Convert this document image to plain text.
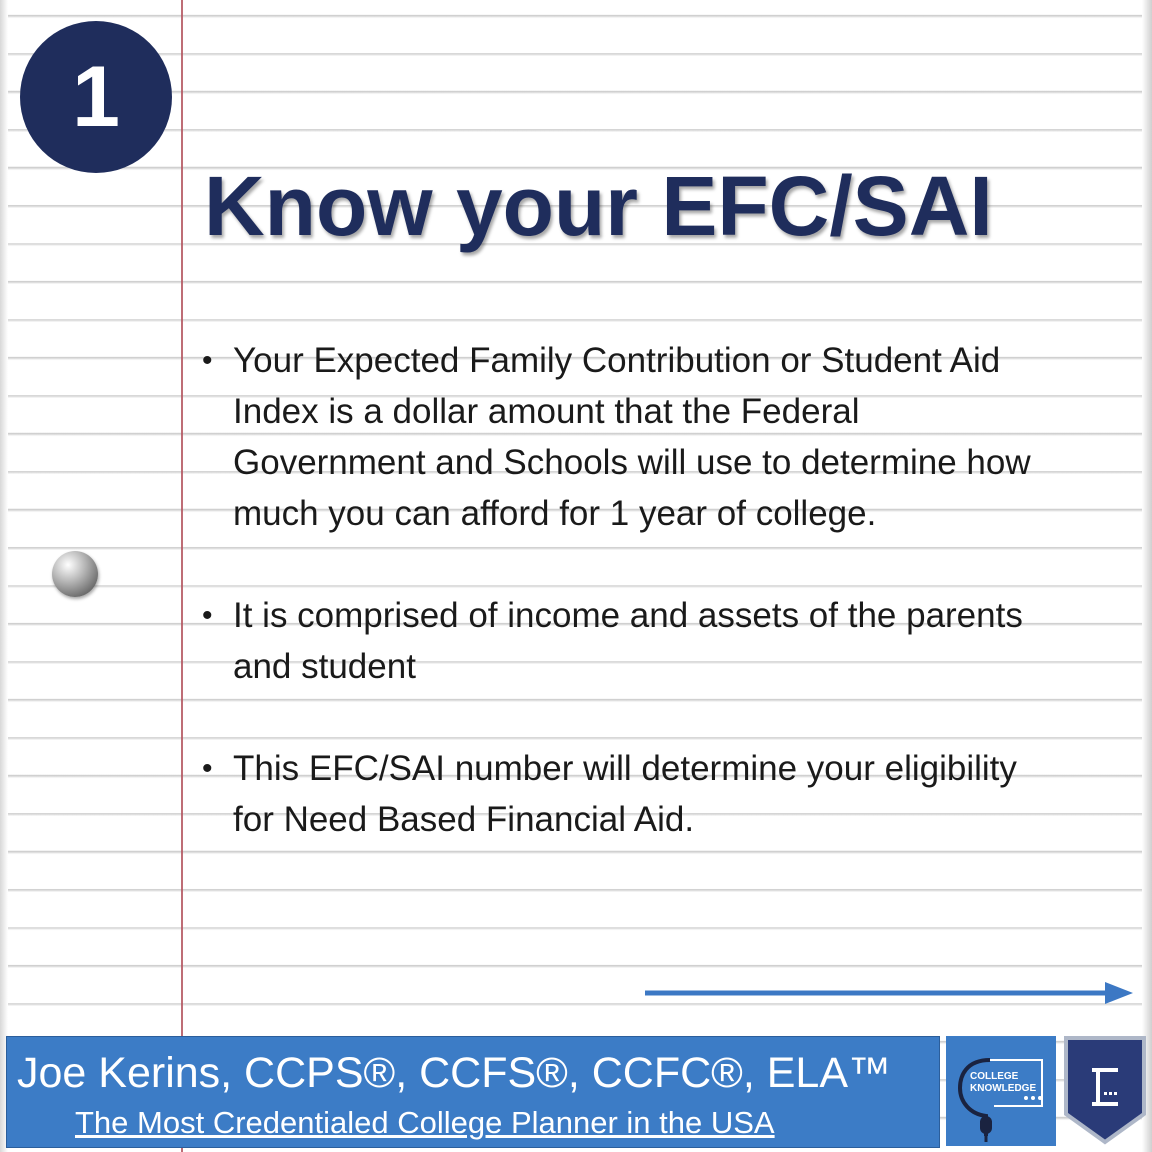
1
Know your EFC/SAI
• Your Expected Family Contribution or Student Aid Index is a dollar amount that the Federal Government and Schools will use to determine how much you can afford for 1 year of college.
• It is comprised of income and assets of the parents and student
• This EFC/SAI number will determine your eligibility for Need Based Financial Aid.
Joe Kerins, CCPS®, CCFS®, CCFC®, ELA™
The Most Credentialed College Planner in the USA
COLLEGE
KNOWLEDGE
